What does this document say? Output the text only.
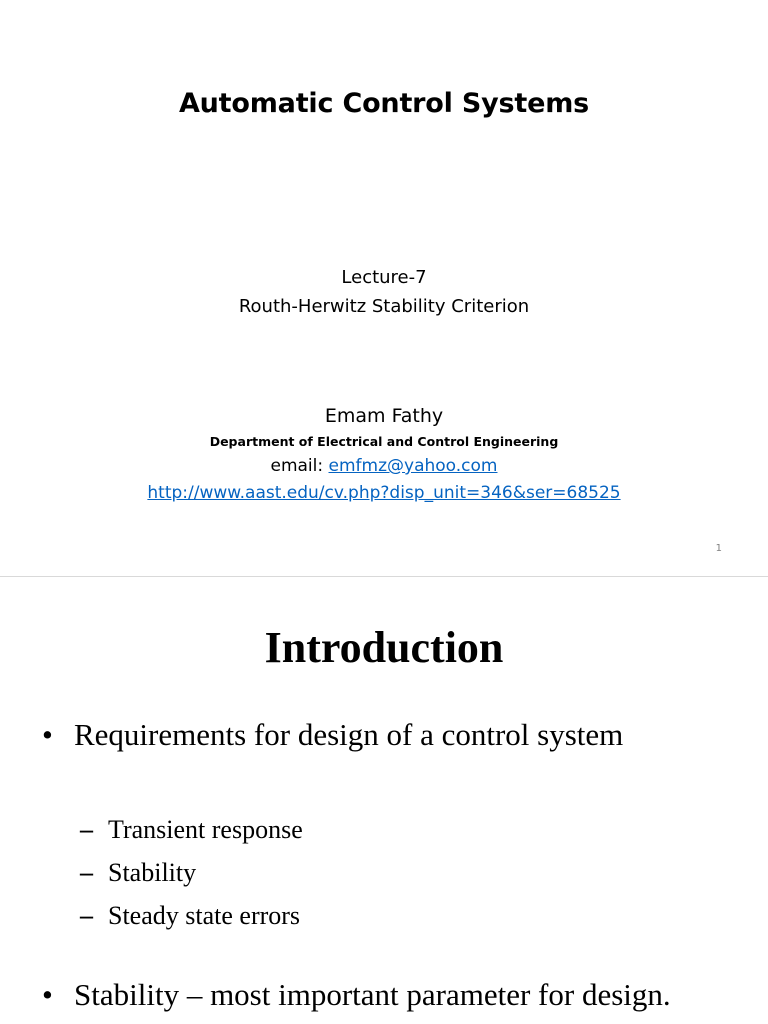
Automatic Control Systems
Lecture-7
Routh-Herwitz Stability Criterion
Emam Fathy
Department of Electrical and Control Engineering
email: emfmz@yahoo.com
http://www.aast.edu/cv.php?disp_unit=346&ser=68525
1
Introduction
• Requirements for design of a control system
– Transient response
– Stability
– Steady state errors
• Stability – most important parameter for design.
